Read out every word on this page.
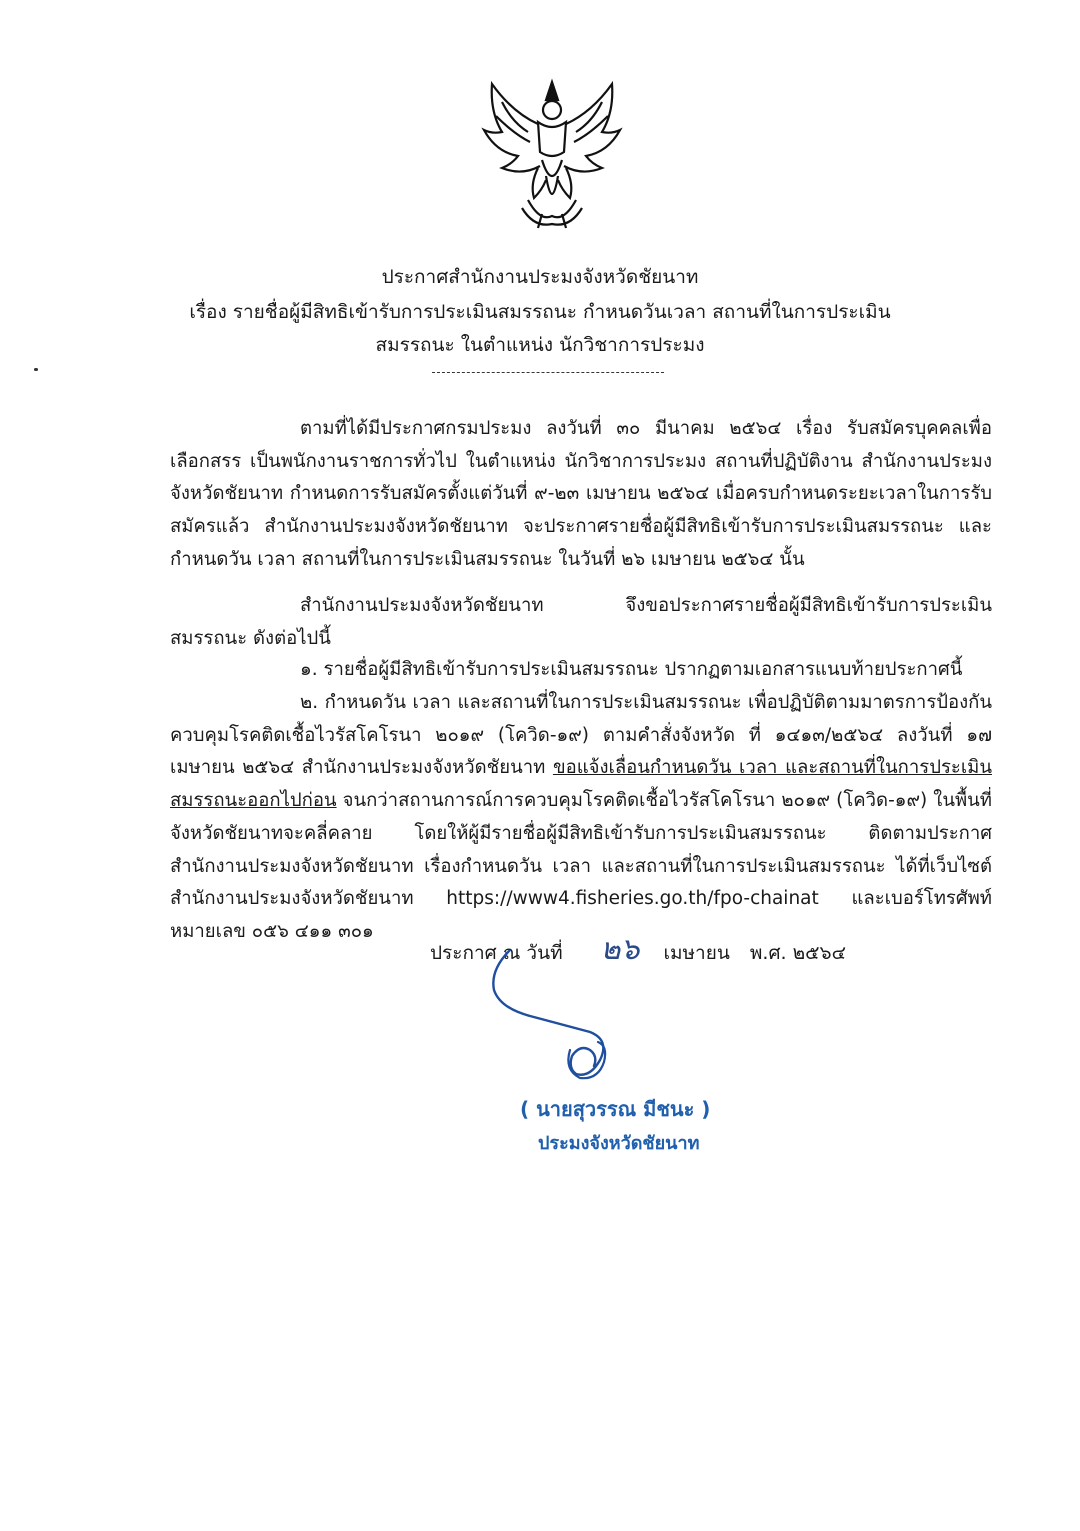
ประกาศสำนักงานประมงจังหวัดชัยนาท
เรื่อง รายชื่อผู้มีสิทธิเข้ารับการประเมินสมรรถนะ กำหนดวันเวลา สถานที่ในการประเมิน
สมรรถนะ ในตำแหน่ง นักวิชาการประมง
ตามที่ได้มีประกาศกรมประมง ลงวันที่ ๓๐ มีนาคม ๒๕๖๔ เรื่อง รับสมัครบุคคลเพื่อเลือกสรร เป็นพนักงานราชการทั่วไป ในตำแหน่ง นักวิชาการประมง สถานที่ปฏิบัติงาน สำนักงานประมงจังหวัดชัยนาท กำหนดการรับสมัครตั้งแต่วันที่ ๙-๒๓ เมษายน ๒๕๖๔ เมื่อครบกำหนดระยะเวลาในการรับสมัครแล้ว สำนักงานประมงจังหวัดชัยนาท จะประกาศรายชื่อผู้มีสิทธิเข้ารับการประเมินสมรรถนะ และกำหนดวัน เวลา สถานที่ในการประเมินสมรรถนะ ในวันที่ ๒๖ เมษายน ๒๕๖๔ นั้น
สำนักงานประมงจังหวัดชัยนาท จึงขอประกาศรายชื่อผู้มีสิทธิเข้ารับการประเมินสมรรถนะ ดังต่อไปนี้
๑. รายชื่อผู้มีสิทธิเข้ารับการประเมินสมรรถนะ ปรากฏตามเอกสารแนบท้ายประกาศนี้
๒. กำหนดวัน เวลา และสถานที่ในการประเมินสมรรถนะ เพื่อปฏิบัติตามมาตรการป้องกัน ควบคุมโรคติดเชื้อไวรัสโคโรนา ๒๐๑๙ (โควิด-๑๙) ตามคำสั่งจังหวัด ที่ ๑๔๑๓/๒๕๖๔ ลงวันที่ ๑๗ เมษายน ๒๕๖๔ สำนักงานประมงจังหวัดชัยนาท ขอแจ้งเลื่อนกำหนดวัน เวลา และสถานที่ในการประเมินสมรรถนะออกไปก่อน จนกว่าสถานการณ์การควบคุมโรคติดเชื้อไวรัสโคโรนา ๒๐๑๙ (โควิด-๑๙) ในพื้นที่จังหวัดชัยนาทจะคลี่คลาย โดยให้ผู้มีรายชื่อผู้มีสิทธิเข้ารับการประเมินสมรรถนะ ติดตามประกาศสำนักงานประมงจังหวัดชัยนาท เรื่องกำหนดวัน เวลา และสถานที่ในการประเมินสมรรถนะ ได้ที่เว็บไซต์สำนักงานประมงจังหวัดชัยนาท https://www4.fisheries.go.th/fpo-chainat และเบอร์โทรศัพท์หมายเลข ๐๕๖ ๔๑๑ ๓๐๑
ประกาศ ณ วันที่ ๒๖ เมษายน พ.ศ. ๒๕๖๔
( นายสุวรรณ มีชนะ )
ประมงจังหวัดชัยนาท
